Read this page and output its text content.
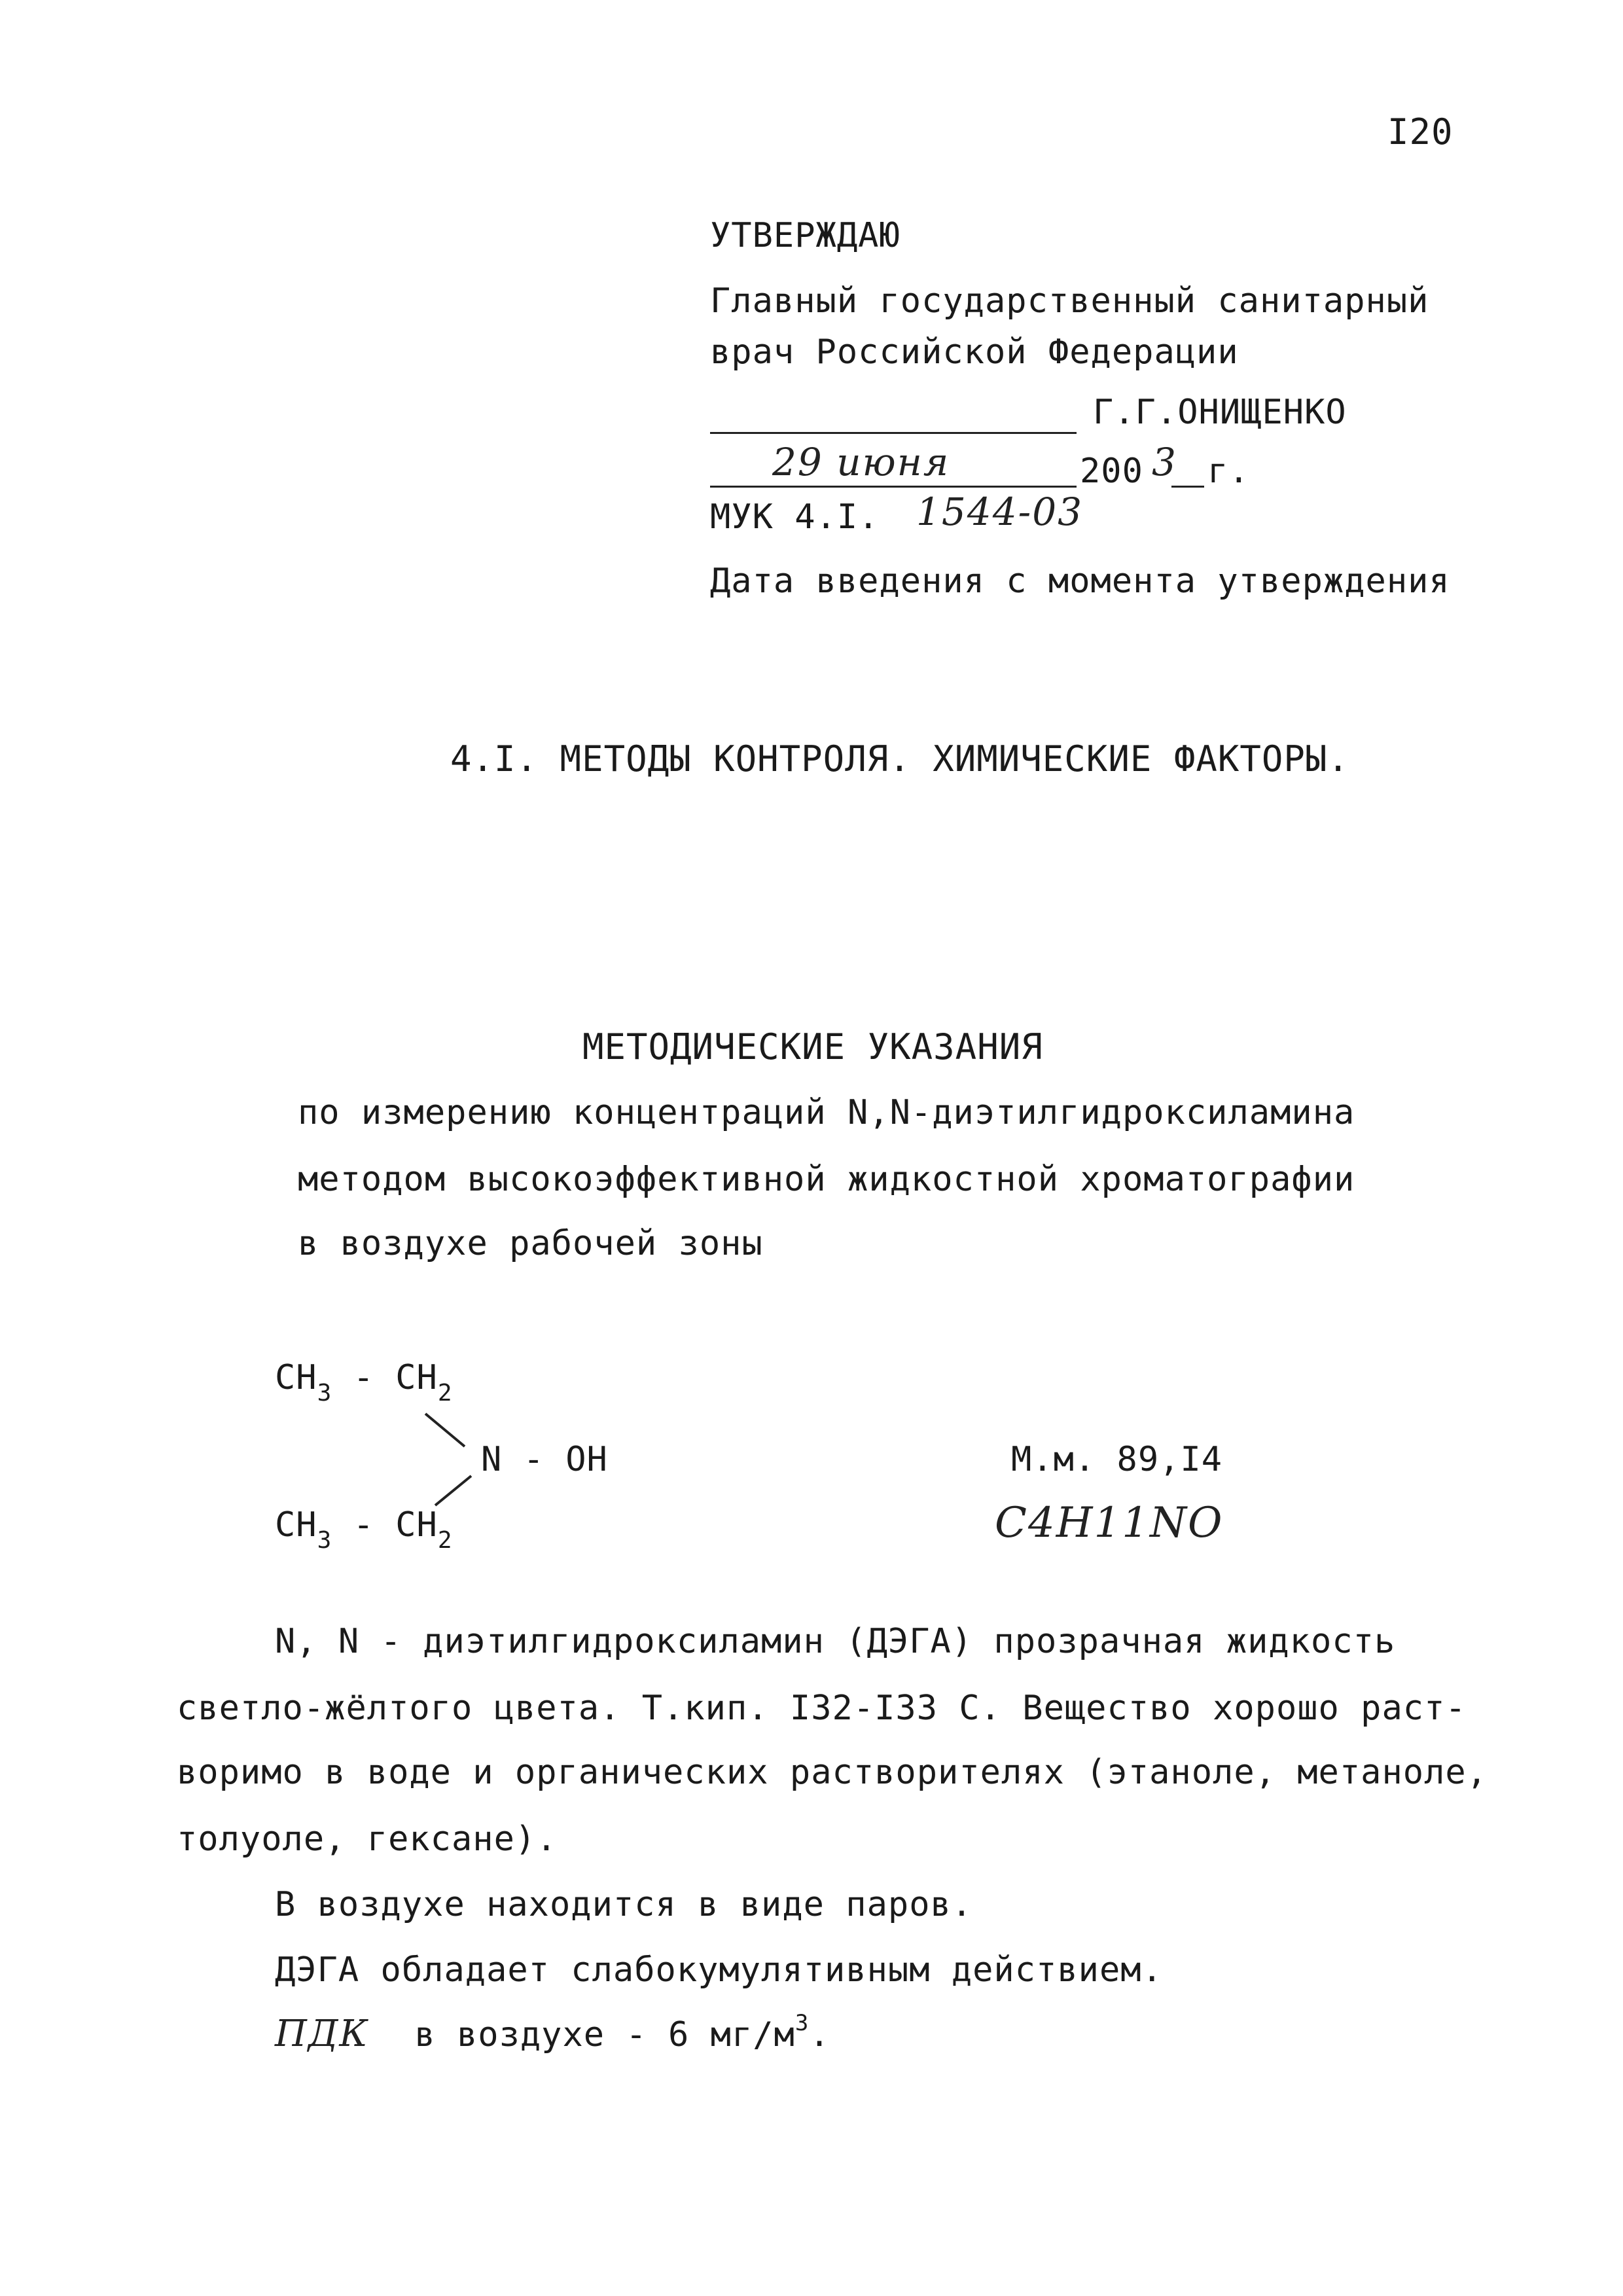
I20
УТВЕРЖДАЮ
Главный государственный санитарный
врач Российской Федерации
Г.Г.ОНИЩЕНКО
29 июня	200 3 г.
МУК 4.I. 1544-03
Дата введения с момента утверждения
4.I. МЕТОДЫ КОНТРОЛЯ. ХИМИЧЕСКИЕ ФАКТОРЫ.
МЕТОДИЧЕСКИЕ УКАЗАНИЯ
по измерению концентраций N,N-диэтилгидроксиламина
методом высокоэффективной жидкостной хроматографии
в воздухе рабочей зоны
$CH_3 - CH_2$
N - OH
$CH_3 - CH_2$
М.м. 89,I4
C4H11NO
N, N - диэтилгидроксиламин (ДЭГА) прозрачная жидкость
светло-жёлтого цвета. Т.кип. I32-I33 С. Вещество хорошо раст-
воримо в воде и органических растворителях (этаноле, метаноле,
толуоле, гексане).
В воздухе находится в виде паров.
ДЭГА обладает слабокумулятивным действием.
ПДК в воздухе - 6 мг/м3.
